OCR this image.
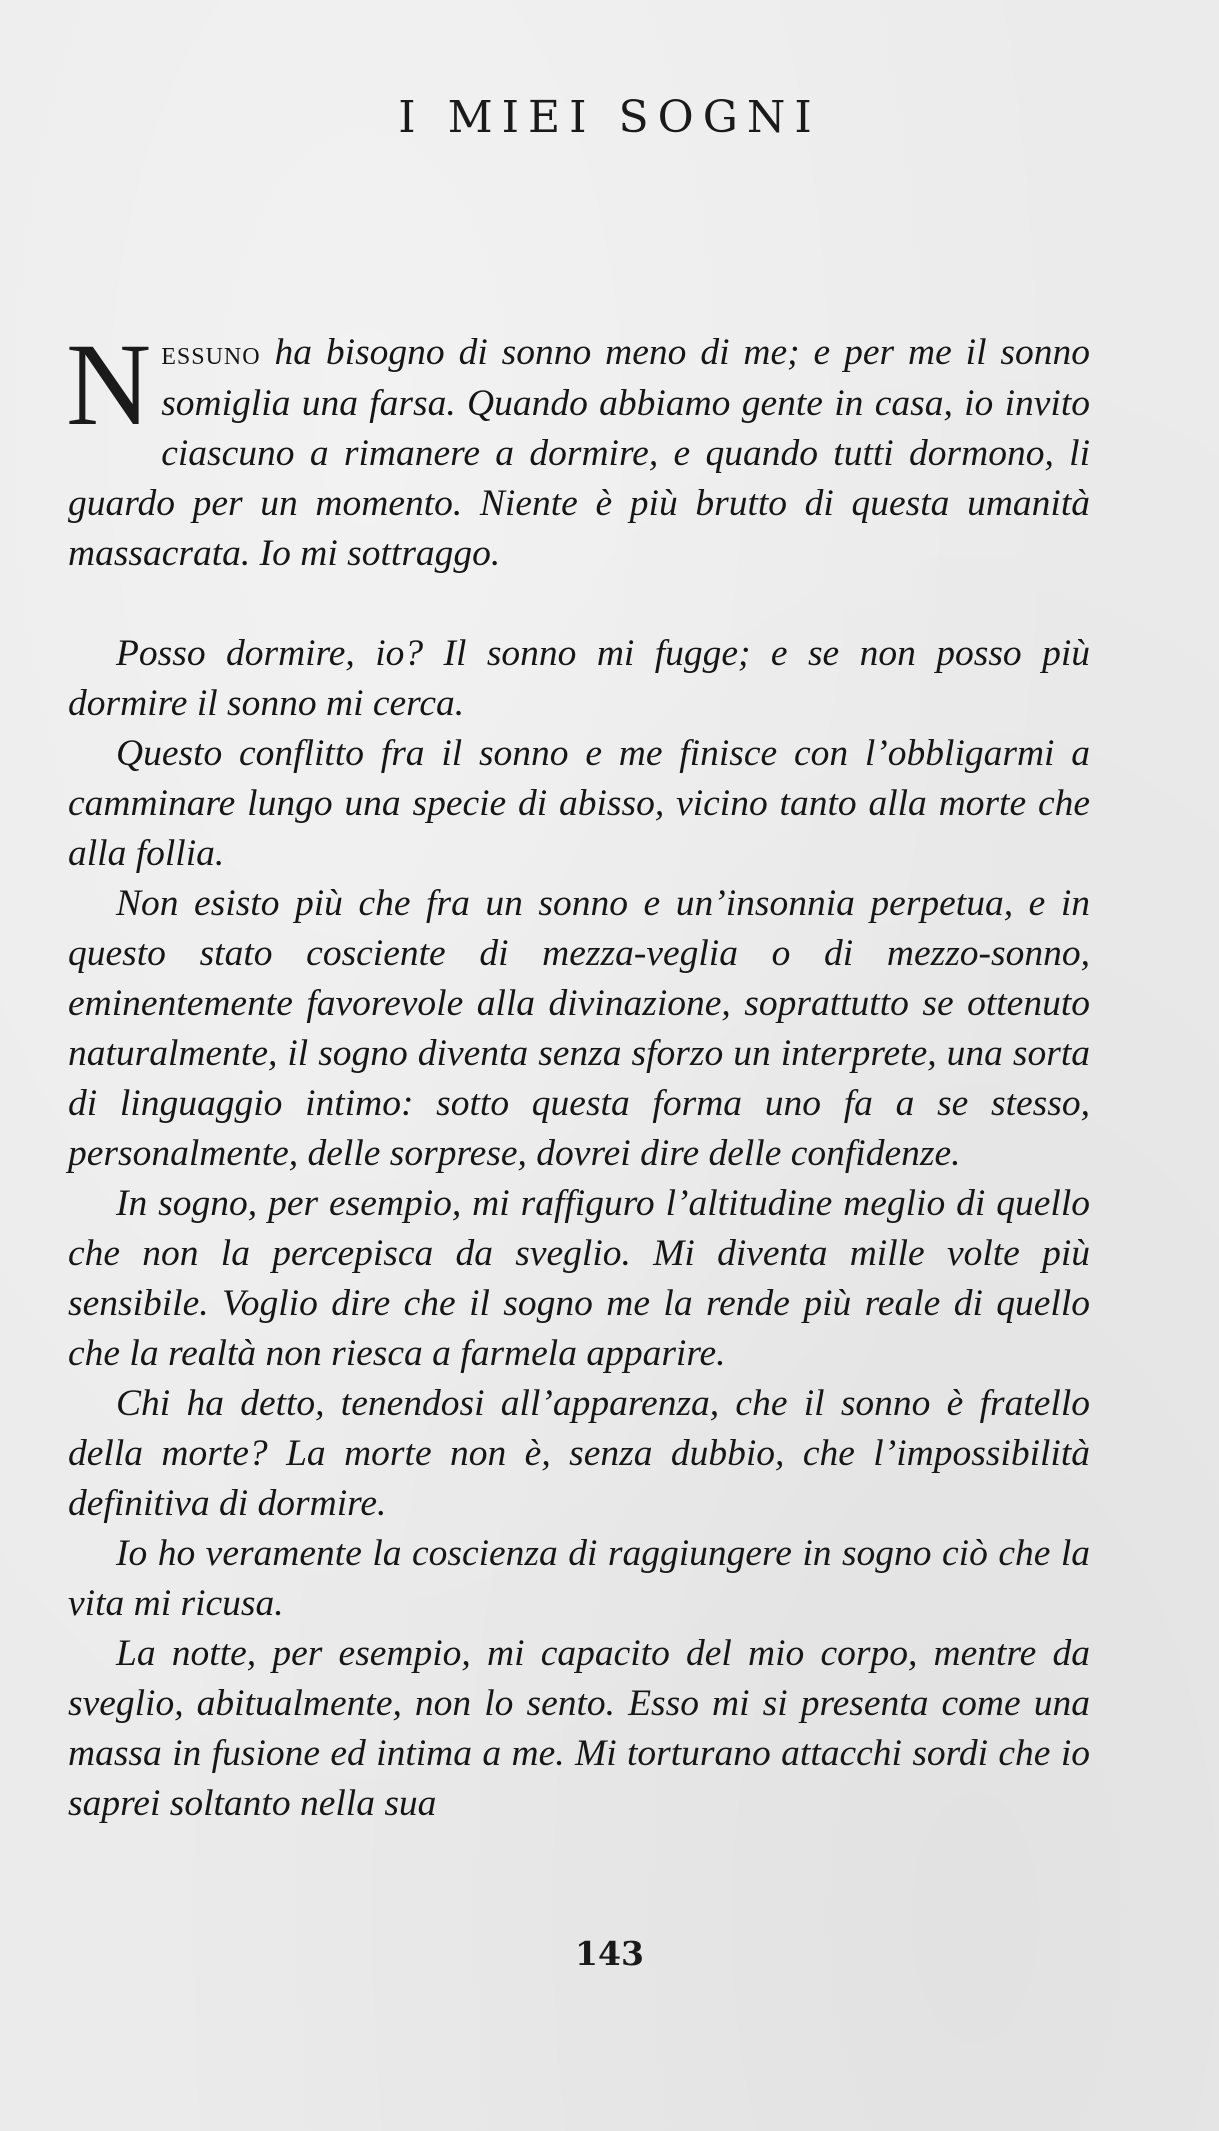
I MIEI SOGNI

Nessuno ha bisogno di sonno meno di me; e per me il sonno somiglia una farsa. Quando abbiamo gente in casa, io invito ciascuno a rimanere a dormire, e quando tutti dormono, li guardo per un momento. Niente è più brutto di questa umanità massacrata. Io mi sottraggo.

Posso dormire, io? Il sonno mi fugge; e se non posso più dormire il sonno mi cerca.

Questo conflitto fra il sonno e me finisce con l’obbligarmi a camminare lungo una specie di abisso, vicino tanto alla morte che alla follia.

Non esisto più che fra un sonno e un’insonnia perpetua, e in questo stato cosciente di mezza-veglia o di mezzo-sonno, eminentemente favorevole alla divinazione, soprattutto se ottenuto naturalmente, il sogno diventa senza sforzo un interprete, una sorta di linguaggio intimo: sotto questa forma uno fa a se stesso, personalmente, delle sorprese, dovrei dire delle confidenze.

In sogno, per esempio, mi raffiguro l’altitudine meglio di quello che non la percepisca da sveglio. Mi diventa mille volte più sensibile. Voglio dire che il sogno me la rende più reale di quello che la realtà non riesca a farmela apparire.

Chi ha detto, tenendosi all’apparenza, che il sonno è fratello della morte? La morte non è, senza dubbio, che l’impossibilità definitiva di dormire.

Io ho veramente la coscienza di raggiungere in sogno ciò che la vita mi ricusa.

La notte, per esempio, mi capacito del mio corpo, mentre da sveglio, abitualmente, non lo sento. Esso mi si presenta come una massa in fusione ed intima a me. Mi torturano attacchi sordi che io saprei soltanto nella sua

143
